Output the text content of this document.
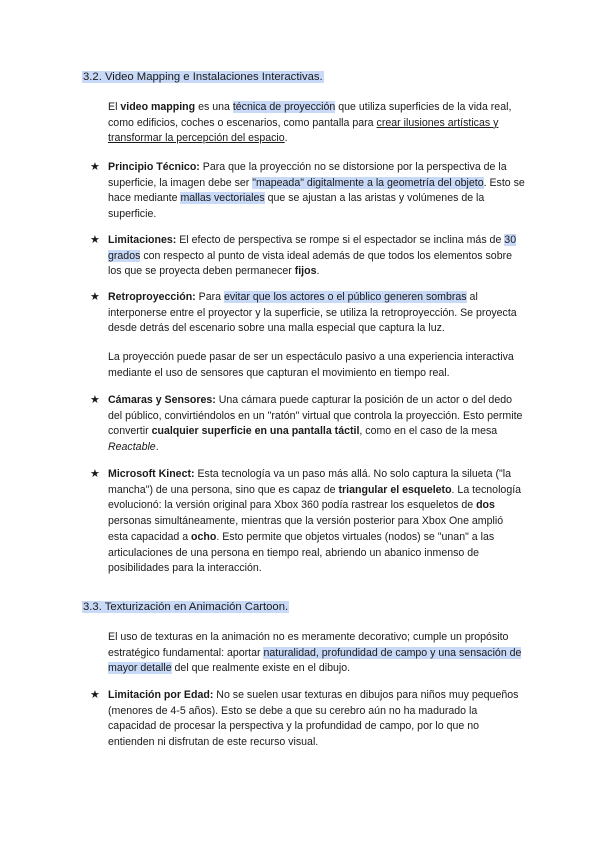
3.2. Video Mapping e Instalaciones Interactivas.
El video mapping es una técnica de proyección que utiliza superficies de la vida real, como edificios, coches o escenarios, como pantalla para crear ilusiones artísticas y transformar la percepción del espacio.
★ Principio Técnico: Para que la proyección no se distorsione por la perspectiva de la superficie, la imagen debe ser "mapeada" digitalmente a la geometría del objeto. Esto se hace mediante mallas vectoriales que se ajustan a las aristas y volúmenes de la superficie.
★ Limitaciones: El efecto de perspectiva se rompe si el espectador se inclina más de 30 grados con respecto al punto de vista ideal además de que todos los elementos sobre los que se proyecta deben permanecer fijos.
★ Retroproyección: Para evitar que los actores o el público generen sombras al interponerse entre el proyector y la superficie, se utiliza la retroproyección. Se proyecta desde detrás del escenario sobre una malla especial que captura la luz.
La proyección puede pasar de ser un espectáculo pasivo a una experiencia interactiva mediante el uso de sensores que capturan el movimiento en tiempo real.
★ Cámaras y Sensores: Una cámara puede capturar la posición de un actor o del dedo del público, convirtiéndolos en un "ratón" virtual que controla la proyección. Esto permite convertir cualquier superficie en una pantalla táctil, como en el caso de la mesa Reactable.
★ Microsoft Kinect: Esta tecnología va un paso más allá. No solo captura la silueta ("la mancha") de una persona, sino que es capaz de triangular el esqueleto. La tecnología evolucionó: la versión original para Xbox 360 podía rastrear los esqueletos de dos personas simultáneamente, mientras que la versión posterior para Xbox One amplió esta capacidad a ocho. Esto permite que objetos virtuales (nodos) se "unan" a las articulaciones de una persona en tiempo real, abriendo un abanico inmenso de posibilidades para la interacción.
3.3. Texturización en Animación Cartoon.
El uso de texturas en la animación no es meramente decorativo; cumple un propósito estratégico fundamental: aportar naturalidad, profundidad de campo y una sensación de mayor detalle del que realmente existe en el dibujo.
★ Limitación por Edad: No se suelen usar texturas en dibujos para niños muy pequeños (menores de 4-5 años). Esto se debe a que su cerebro aún no ha madurado la capacidad de procesar la perspectiva y la profundidad de campo, por lo que no entienden ni disfrutan de este recurso visual.
